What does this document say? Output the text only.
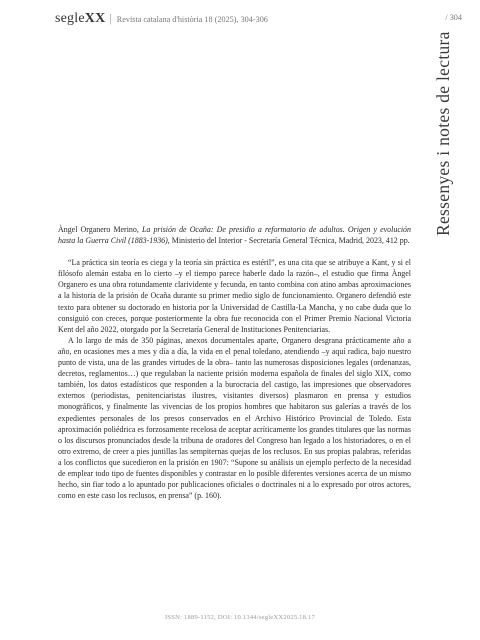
segleXX | Revista catalana d'història 18 (2025), 304-306	/ 304
Ressenyes i notes de lectura

Àngel Organero Merino, La prisión de Ocaña: De presidio a reformatorio de adultos. Origen y evolución hasta la Guerra Civil (1883-1936), Ministerio del Interior - Secretaría General Técnica, Madrid, 2023, 412 pp.

“La práctica sin teoría es ciega y la teoría sin práctica es estéril”, es una cita que se atribuye a Kant, y si el filósofo alemán estaba en lo cierto –y el tiempo parece haberle dado la razón–, el estudio que firma Àngel Organero es una obra rotundamente clarividente y fecunda, en tanto combina con atino ambas aproximaciones a la historia de la prisión de Ocaña durante su primer medio siglo de funcionamiento. Organero defendió este texto para obtener su doctorado en historia por la Universidad de Castilla-La Mancha, y no cabe duda que lo consiguió con creces, porque posteriormente la obra fue reconocida con el Primer Premio Nacional Victoria Kent del año 2022, otorgado por la Secretaría General de Instituciones Penitenciarias.

A lo largo de más de 350 páginas, anexos documentales aparte, Organero desgrana prácticamente año a año, en ocasiones mes a mes y día a día, la vida en el penal toledano, atendiendo –y aquí radica, bajo nuestro punto de vista, una de las grandes virtudes de la obra– tanto las numerosas disposiciones legales (ordenanzas, decretos, reglamentos…) que regulaban la naciente prisión moderna española de finales del siglo XIX, como también, los datos estadísticos que responden a la burocracia del castigo, las impresiones que observadores externos (periodistas, penitenciaristas ilustres, visitantes diversos) plasmaron en prensa y estudios monográficos, y finalmente las vivencias de los propios hombres que habitaron sus galerías a través de los expedientes personales de los presos conservados en el Archivo Histórico Provincial de Toledo. Esta aproximación poliédrica es forzosamente recelosa de aceptar acríticamente los grandes titulares que las normas o los discursos pronunciados desde la tribuna de oradores del Congreso han legado a los historiadores, o en el otro extremo, de creer a pies juntillas las sempiternas quejas de los reclusos. En sus propias palabras, referidas a los conflictos que sucedieron en la prisión en 1907: “Supone su análisis un ejemplo perfecto de la necesidad de emplear todo tipo de fuentes disponibles y contrastar en lo posible diferentes versiones acerca de un mismo hecho, sin fiar todo a lo apuntado por publicaciones oficiales o doctrinales ni a lo expresado por otros actores, como en este caso los reclusos, en prensa” (p. 160).

ISSN: 1889-1152, DOI: 10.1344/segleXX2025.18.17
